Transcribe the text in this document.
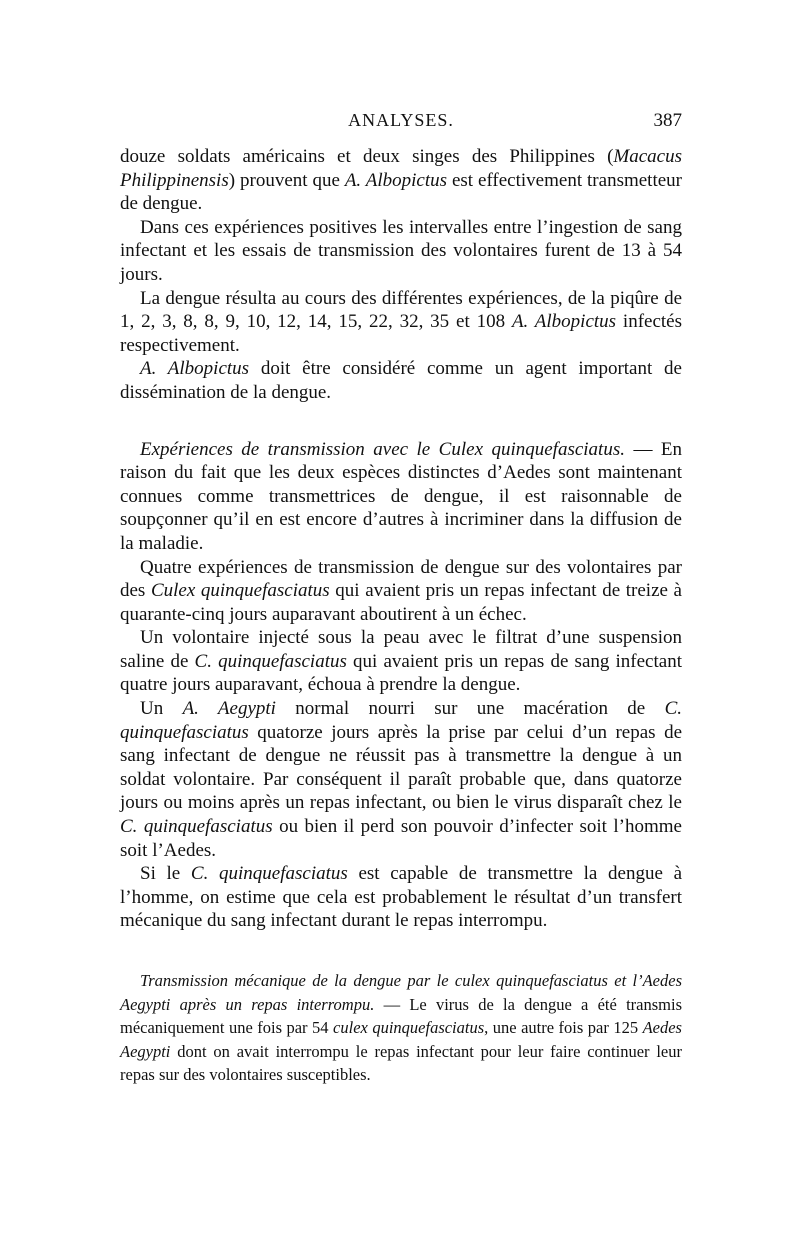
ANALYSES.	387

douze soldats américains et deux singes des Philippines (Macacus Philippinensis) prouvent que A. Albopictus est effectivement transmetteur de dengue.

Dans ces expériences positives les intervalles entre l’ingestion de sang infectant et les essais de transmission des volontaires furent de 13 à 54 jours.

La dengue résulta au cours des différentes expériences, de la piqûre de 1, 2, 3, 8, 8, 9, 10, 12, 14, 15, 22, 32, 35 et 108 A. Albopictus infectés respectivement.

A. Albopictus doit être considéré comme un agent important de dissémination de la dengue.

Expériences de transmission avec le Culex quinquefasciatus. — En raison du fait que les deux espèces distinctes d’Aedes sont maintenant connues comme transmettrices de dengue, il est raisonnable de soupçonner qu’il en est encore d’autres à incriminer dans la diffusion de la maladie.

Quatre expériences de transmission de dengue sur des volontaires par des Culex quinquefasciatus qui avaient pris un repas infectant de treize à quarante-cinq jours auparavant aboutirent à un échec.

Un volontaire injecté sous la peau avec le filtrat d’une suspension saline de C. quinquefasciatus qui avaient pris un repas de sang infectant quatre jours auparavant, échoua à prendre la dengue.

Un A. Aegypti normal nourri sur une macération de C. quinquefasciatus quatorze jours après la prise par celui d’un repas de sang infectant de dengue ne réussit pas à transmettre la dengue à un soldat volontaire. Par conséquent il paraît probable que, dans quatorze jours ou moins après un repas infectant, ou bien le virus disparaît chez le C. quinquefasciatus ou bien il perd son pouvoir d’infecter soit l’homme soit l’Aedes.

Si le C. quinquefasciatus est capable de transmettre la dengue à l’homme, on estime que cela est probablement le résultat d’un transfert mécanique du sang infectant durant le repas interrompu.

Transmission mécanique de la dengue par le culex quinquefasciatus et l’Aedes Aegypti après un repas interrompu. — Le virus de la dengue a été transmis mécaniquement une fois par 54 culex quinquefasciatus, une autre fois par 125 Aedes Aegypti dont on avait interrompu le repas infectant pour leur faire continuer leur repas sur des volontaires susceptibles.
